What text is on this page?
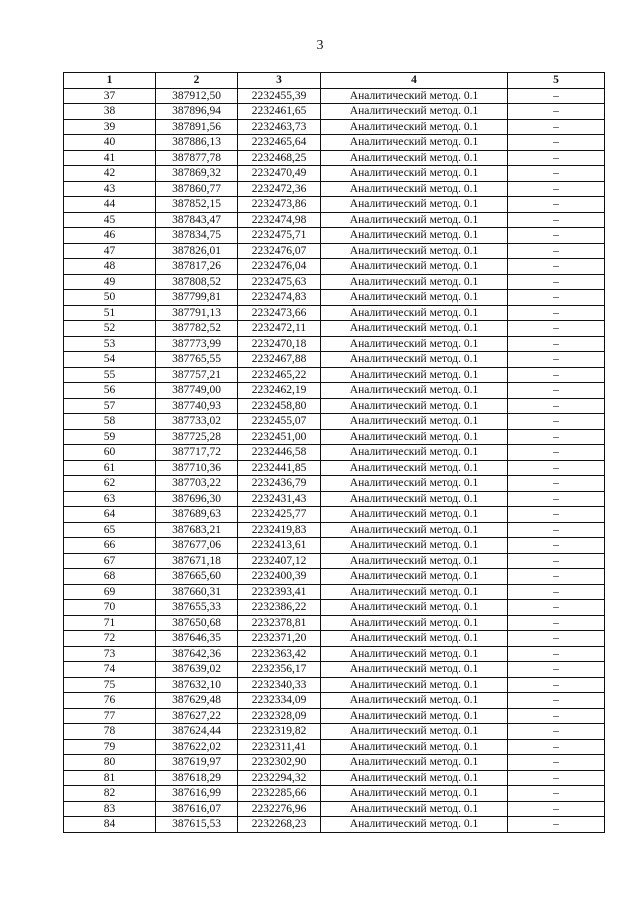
3
1	2	3	4	5
37	387912,50	2232455,39	Аналитический метод. 0.1	–
38	387896,94	2232461,65	Аналитический метод. 0.1	–
39	387891,56	2232463,73	Аналитический метод. 0.1	–
40	387886,13	2232465,64	Аналитический метод. 0.1	–
41	387877,78	2232468,25	Аналитический метод. 0.1	–
42	387869,32	2232470,49	Аналитический метод. 0.1	–
43	387860,77	2232472,36	Аналитический метод. 0.1	–
44	387852,15	2232473,86	Аналитический метод. 0.1	–
45	387843,47	2232474,98	Аналитический метод. 0.1	–
46	387834,75	2232475,71	Аналитический метод. 0.1	–
47	387826,01	2232476,07	Аналитический метод. 0.1	–
48	387817,26	2232476,04	Аналитический метод. 0.1	–
49	387808,52	2232475,63	Аналитический метод. 0.1	–
50	387799,81	2232474,83	Аналитический метод. 0.1	–
51	387791,13	2232473,66	Аналитический метод. 0.1	–
52	387782,52	2232472,11	Аналитический метод. 0.1	–
53	387773,99	2232470,18	Аналитический метод. 0.1	–
54	387765,55	2232467,88	Аналитический метод. 0.1	–
55	387757,21	2232465,22	Аналитический метод. 0.1	–
56	387749,00	2232462,19	Аналитический метод. 0.1	–
57	387740,93	2232458,80	Аналитический метод. 0.1	–
58	387733,02	2232455,07	Аналитический метод. 0.1	–
59	387725,28	2232451,00	Аналитический метод. 0.1	–
60	387717,72	2232446,58	Аналитический метод. 0.1	–
61	387710,36	2232441,85	Аналитический метод. 0.1	–
62	387703,22	2232436,79	Аналитический метод. 0.1	–
63	387696,30	2232431,43	Аналитический метод. 0.1	–
64	387689,63	2232425,77	Аналитический метод. 0.1	–
65	387683,21	2232419,83	Аналитический метод. 0.1	–
66	387677,06	2232413,61	Аналитический метод. 0.1	–
67	387671,18	2232407,12	Аналитический метод. 0.1	–
68	387665,60	2232400,39	Аналитический метод. 0.1	–
69	387660,31	2232393,41	Аналитический метод. 0.1	–
70	387655,33	2232386,22	Аналитический метод. 0.1	–
71	387650,68	2232378,81	Аналитический метод. 0.1	–
72	387646,35	2232371,20	Аналитический метод. 0.1	–
73	387642,36	2232363,42	Аналитический метод. 0.1	–
74	387639,02	2232356,17	Аналитический метод. 0.1	–
75	387632,10	2232340,33	Аналитический метод. 0.1	–
76	387629,48	2232334,09	Аналитический метод. 0.1	–
77	387627,22	2232328,09	Аналитический метод. 0.1	–
78	387624,44	2232319,82	Аналитический метод. 0.1	–
79	387622,02	2232311,41	Аналитический метод. 0.1	–
80	387619,97	2232302,90	Аналитический метод. 0.1	–
81	387618,29	2232294,32	Аналитический метод. 0.1	–
82	387616,99	2232285,66	Аналитический метод. 0.1	–
83	387616,07	2232276,96	Аналитический метод. 0.1	–
84	387615,53	2232268,23	Аналитический метод. 0.1	–
